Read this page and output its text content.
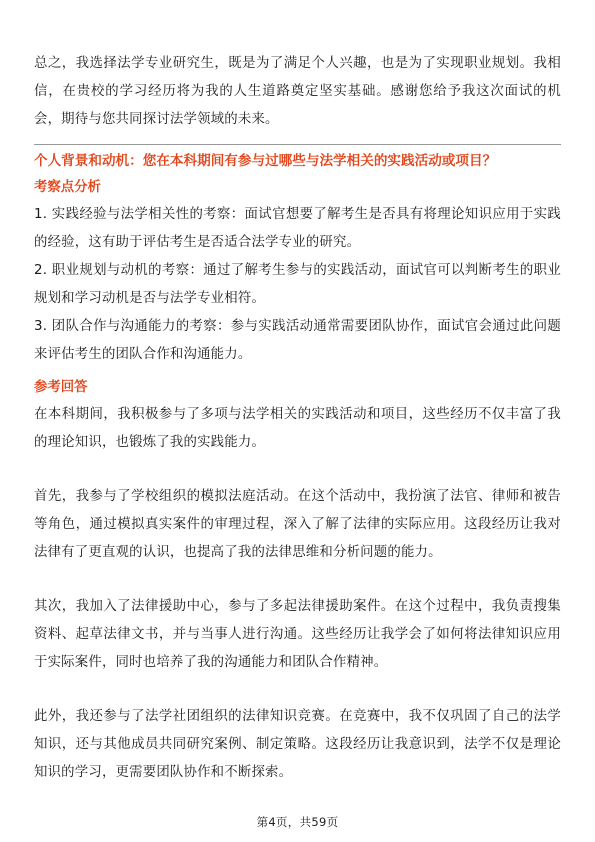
总之，我选择法学专业研究生，既是为了满足个人兴趣，也是为了实现职业规划。我相信，在贵校的学习经历将为我的人生道路奠定坚实基础。感谢您给予我这次面试的机会，期待与您共同探讨法学领域的未来。

个人背景和动机：您在本科期间有参与过哪些与法学相关的实践活动或项目？
考察点分析

1. 实践经验与法学相关性的考察：面试官想要了解考生是否具有将理论知识应用于实践的经验，这有助于评估考生是否适合法学专业的研究。

2. 职业规划与动机的考察：通过了解考生参与的实践活动，面试官可以判断考生的职业规划和学习动机是否与法学专业相符。

3. 团队合作与沟通能力的考察：参与实践活动通常需要团队协作，面试官会通过此问题来评估考生的团队合作和沟通能力。

参考回答

在本科期间，我积极参与了多项与法学相关的实践活动和项目，这些经历不仅丰富了我的理论知识，也锻炼了我的实践能力。

首先，我参与了学校组织的模拟法庭活动。在这个活动中，我扮演了法官、律师和被告等角色，通过模拟真实案件的审理过程，深入了解了法律的实际应用。这段经历让我对法律有了更直观的认识，也提高了我的法律思维和分析问题的能力。

其次，我加入了法律援助中心，参与了多起法律援助案件。在这个过程中，我负责搜集资料、起草法律文书，并与当事人进行沟通。这些经历让我学会了如何将法律知识应用于实际案件，同时也培养了我的沟通能力和团队合作精神。

此外，我还参与了法学社团组织的法律知识竞赛。在竞赛中，我不仅巩固了自己的法学知识，还与其他成员共同研究案例、制定策略。这段经历让我意识到，法学不仅是理论知识的学习，更需要团队协作和不断探索。

第4页，共59页
